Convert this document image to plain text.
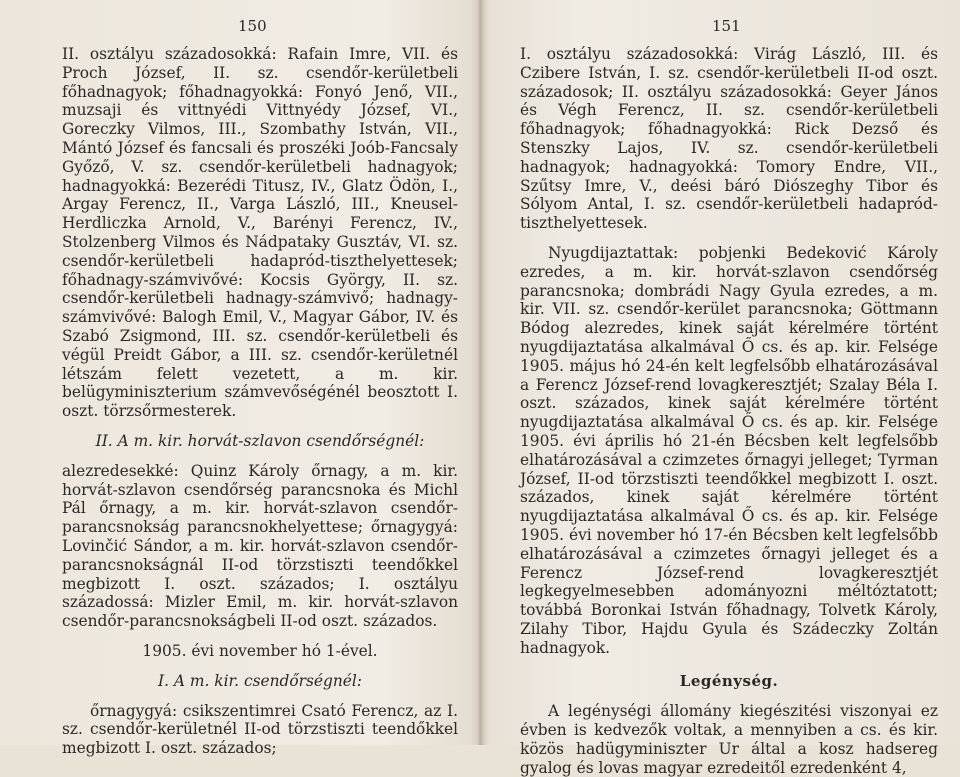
150

II. osztályu századosokká: Rafain Imre, VII. és Proch József, II. sz. csendőr-kerületbeli főhadnagyok; főhadnagyokká: Fonyó Jenő, VII., muzsaji és vittnyédi Vittnyédy József, VI., Goreczky Vilmos, III., Szombathy István, VII., Mántó József és fancsali és proszéki Joób-Fancsaly Győző, V. sz. csendőr-kerületbeli hadnagyok; hadnagyokká: Bezerédi Titusz, IV., Glatz Ödön, I., Argay Ferencz, II., Varga László, III., Kneusel-Herdliczka Arnold, V., Barényi Ferencz, IV., Stolzenberg Vilmos és Nádpataky Gusztáv, VI. sz. csendőr-kerületbeli hadapród-tiszthelyettesek; főhadnagy-számvivővé: Kocsis György, II. sz. csendőr-kerületbeli hadnagy-számvivő; hadnagy-számvivővé: Balogh Emil, V., Magyar Gábor, IV. és Szabó Zsigmond, III. sz. csendőr-kerületbeli és végül Preidt Gábor, a III. sz. csendőr-kerületnél létszám felett vezetett, a m. kir. belügyminiszterium számvevőségénél beosztott I. oszt. törzsőrmesterek.

II. A m. kir. horvát-szlavon csendőrségnél:

alezredesekké: Quinz Károly őrnagy, a m. kir. horvát-szlavon csendőrség parancsnoka és Michl Pál őrnagy, a m. kir. horvát-szlavon csendőr-parancsnokság parancsnokhelyettese; őrnagygyá: Lovinčić Sándor, a m. kir. horvát-szlavon csendőr-parancsnokságnál II-od törzstiszti teendőkkel megbizott I. oszt. százados; I. osztályu századossá: Mizler Emil, m. kir. horvát-szlavon csendőr-parancsnokságbeli II-od oszt. százados.

1905. évi november hó 1-ével.

I. A m. kir. csendőrségnél:

őrnagygyá: csikszentimrei Csató Ferencz, az I. sz. csendőr-kerületnél II-od törzstiszti teendőkkel megbizott I. oszt. százados;

151

I. osztályu századosokká: Virág László, III. és Czibere István, I. sz. csendőr-kerületbeli II-od oszt. századosok; II. osztályu századosokká: Geyer János és Végh Ferencz, II. sz. csendőr-kerületbeli főhadnagyok; főhadnagyokká: Rick Dezső és Stenszky Lajos, IV. sz. csendőr-kerületbeli hadnagyok; hadnagyokká: Tomory Endre, VII., Szűtsy Imre, V., deési báró Diószeghy Tibor és Sólyom Antal, I. sz. csendőr-kerületbeli hadapród-tiszthelyettesek.

Nyugdijaztattak: pobjenki Bedeković Károly ezredes, a m. kir. horvát-szlavon csendőrség parancsnoka; dombrádi Nagy Gyula ezredes, a m. kir. VII. sz. csendőr-kerület parancsnoka; Göttmann Bódog alezredes, kinek saját kérelmére történt nyugdijaztatása alkalmával Ő cs. és ap. kir. Felsége 1905. május hó 24-én kelt legfelsőbb elhatározásával a Ferencz József-rend lovagkeresztjét; Szalay Béla I. oszt. százados, kinek saját kérelmére történt nyugdijaztatása alkalmával Ő cs. és ap. kir. Felsége 1905. évi április hó 21-én Bécsben kelt legfelsőbb elhatározásával a czimzetes őrnagyi jelleget; Tyrman József, II-od törzstiszti teendőkkel megbizott I. oszt. százados, kinek saját kérelmére történt nyugdijaztatása alkalmával Ő cs. és ap. kir. Felsége 1905. évi november hó 17-én Bécsben kelt legfelsőbb elhatározásával a czimzetes őrnagyi jelleget és a Ferencz József-rend lovagkeresztjét legkegyelmesebben adományozni méltóztatott; továbbá Boronkai István főhadnagy, Tolvetk Károly, Zilahy Tibor, Hajdu Gyula és Szádeczky Zoltán hadnagyok.

Legénység.

A legénységi állomány kiegészitési viszonyai ez évben is kedvezők voltak, a mennyiben a cs. és kir. közös hadügyminiszter Ur által a kosz hadsereg gyalog és lovas magyar ezredeitől ezredenként 4,
